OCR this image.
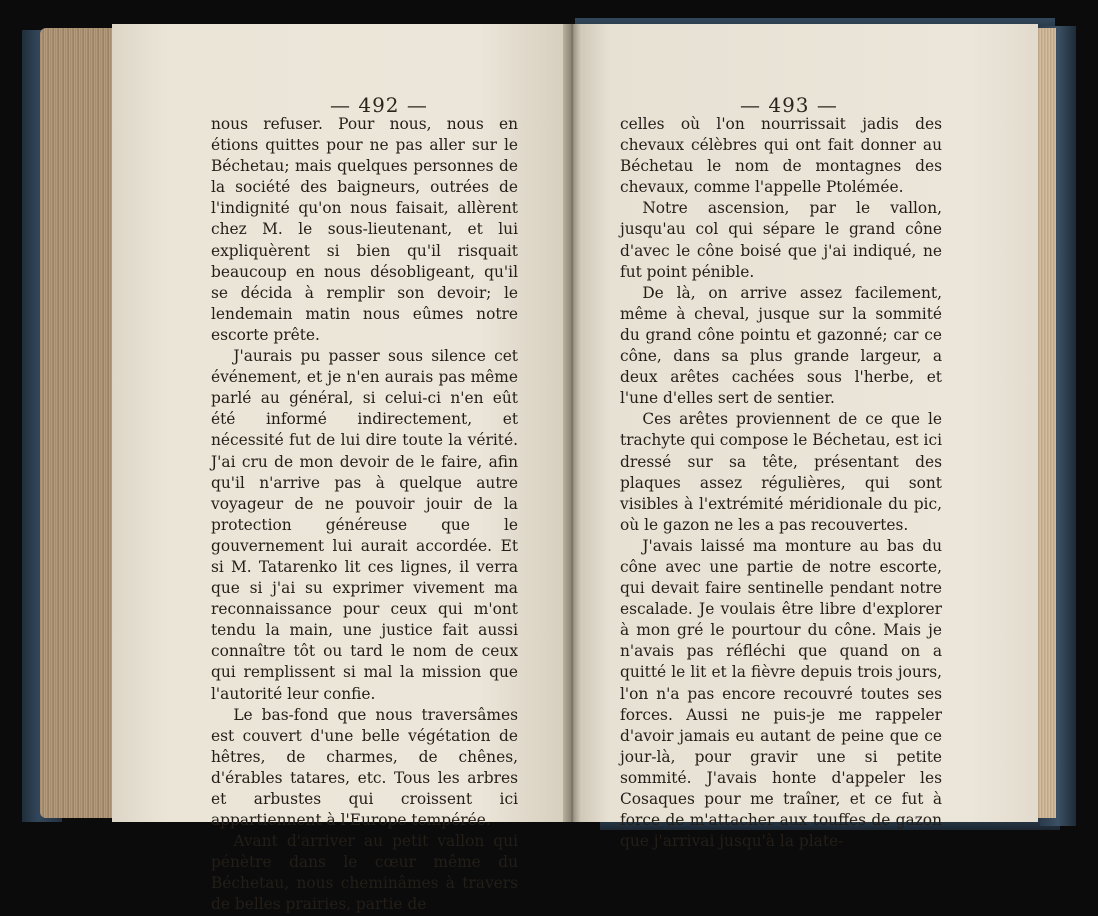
— 492 —	— 493 —

nous refuser. Pour nous, nous en étions quittes pour ne pas aller sur le Béchetau; mais quelques personnes de la société des baigneurs, outrées de l'indignité qu'on nous faisait, allèrent chez M. le sous-lieutenant, et lui expliquèrent si bien qu'il risquait beaucoup en nous désobligeant, qu'il se décida à remplir son devoir; le lendemain matin nous eûmes notre escorte prête.

J'aurais pu passer sous silence cet événement, et je n'en aurais pas même parlé au général, si celui-ci n'en eût été informé indirectement, et nécessité fut de lui dire toute la vérité. J'ai cru de mon devoir de le faire, afin qu'il n'arrive pas à quelque autre voyageur de ne pouvoir jouir de la protection généreuse que le gouvernement lui aurait accordée. Et si M. Tatarenko lit ces lignes, il verra que si j'ai su exprimer vivement ma reconnaissance pour ceux qui m'ont tendu la main, une justice fait aussi connaître tôt ou tard le nom de ceux qui remplissent si mal la mission que l'autorité leur confie.

Le bas-fond que nous traversâmes est couvert d'une belle végétation de hêtres, de charmes, de chênes, d'érables tatares, etc. Tous les arbres et arbustes qui croissent ici appartiennent à l'Europe tempérée.

Avant d'arriver au petit vallon qui pénètre dans le cœur même du Béchetau, nous cheminâmes à travers de belles prairies, partie de

celles où l'on nourrissait jadis des chevaux célèbres qui ont fait donner au Béchetau le nom de montagnes des chevaux, comme l'appelle Ptolémée.

Notre ascension, par le vallon, jusqu'au col qui sépare le grand cône d'avec le cône boisé que j'ai indiqué, ne fut point pénible.

De là, on arrive assez facilement, même à cheval, jusque sur la sommité du grand cône pointu et gazonné; car ce cône, dans sa plus grande largeur, a deux arêtes cachées sous l'herbe, et l'une d'elles sert de sentier.

Ces arêtes proviennent de ce que le trachyte qui compose le Béchetau, est ici dressé sur sa tête, présentant des plaques assez régulières, qui sont visibles à l'extrémité méridionale du pic, où le gazon ne les a pas recouvertes.

J'avais laissé ma monture au bas du cône avec une partie de notre escorte, qui devait faire sentinelle pendant notre escalade. Je voulais être libre d'explorer à mon gré le pourtour du cône. Mais je n'avais pas réfléchi que quand on a quitté le lit et la fièvre depuis trois jours, l'on n'a pas encore recouvré toutes ses forces. Aussi ne puis-je me rappeler d'avoir jamais eu autant de peine que ce jour-là, pour gravir une si petite sommité. J'avais honte d'appeler les Cosaques pour me traîner, et ce fut à force de m'attacher aux touffes de gazon que j'arrivai jusqu'à la plate-
